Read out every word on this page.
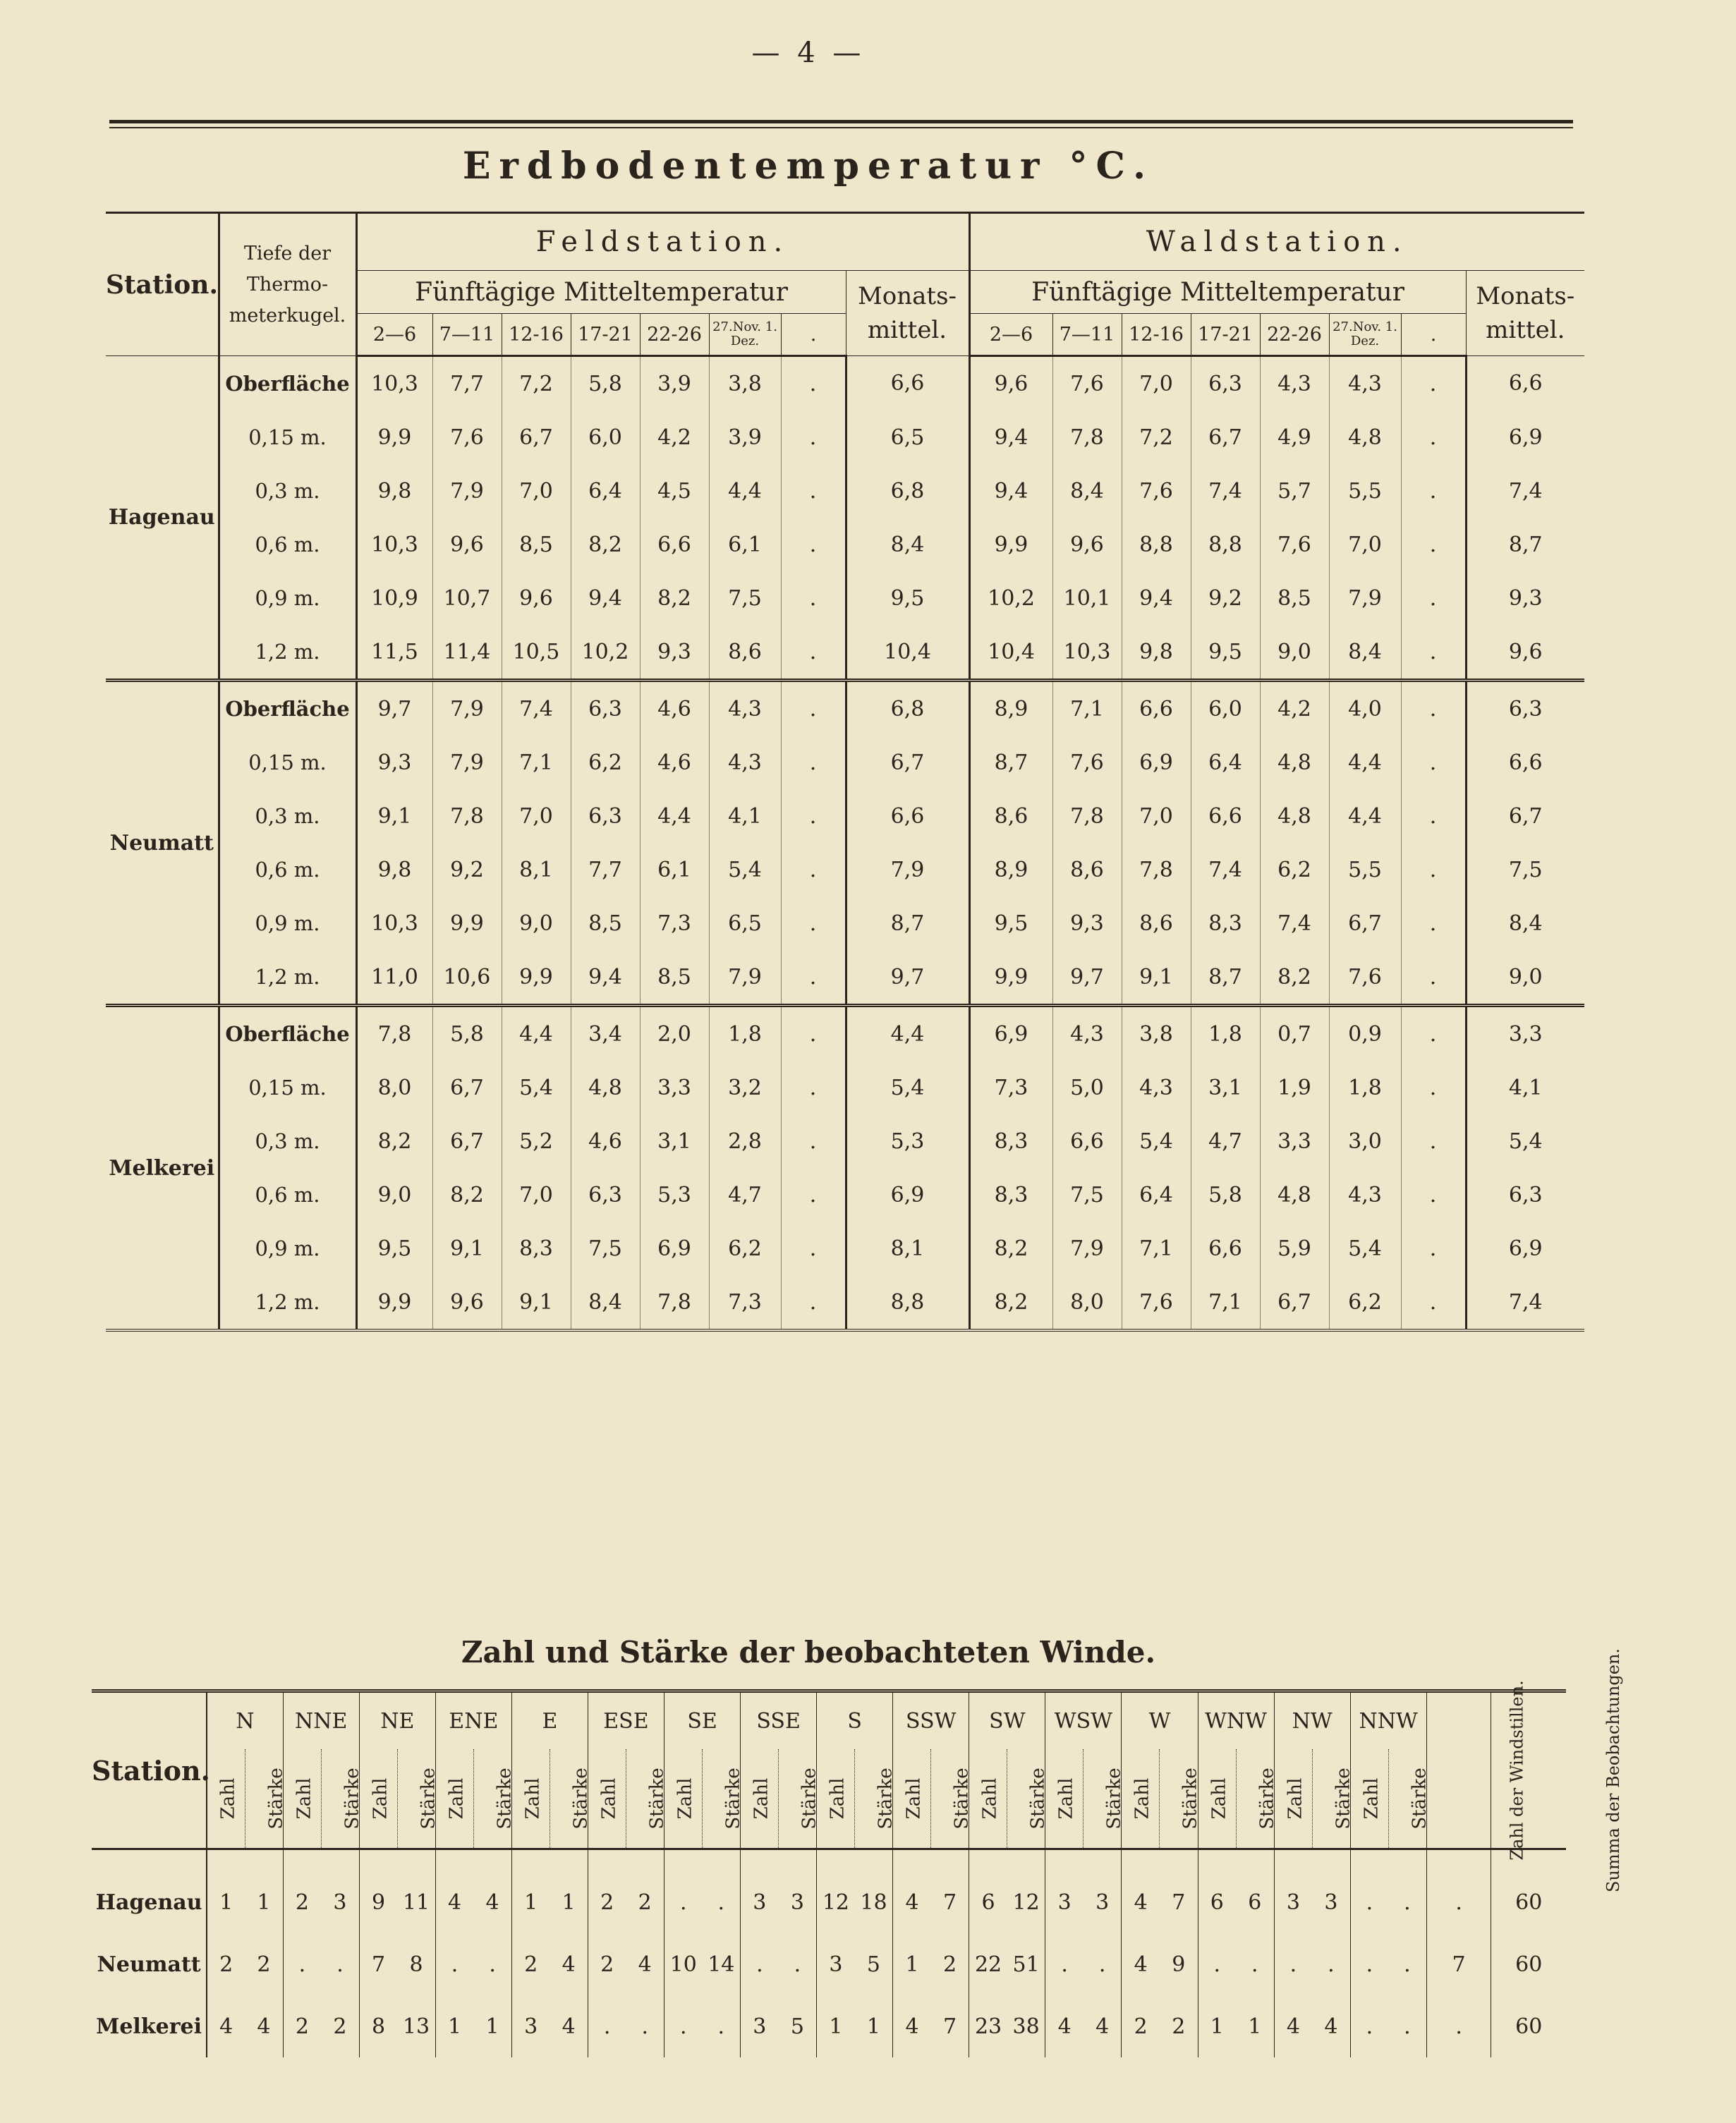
— 4 —
Erdbodentemperatur °C.
Station.	Tiefe der Thermo- meterkugel.	Feldstation.								Waldstation.							
		Fünftägige Mitteltemperatur							Monats- mittel.	Fünftägige Mitteltemperatur							Monats- mittel.
		2—6	7—11	12-16	17-21	22-26	27.Nov. 1. Dez.	.		2—6	7—11	12-16	17-21	22-26	27.Nov. 1. Dez.	.	
Hagenau	Oberfläche	10,3	7,7	7,2	5,8	3,9	3,8	.	6,6	9,6	7,6	7,0	6,3	4,3	4,3	.	6,6
	0,15 m.	9,9	7,6	6,7	6,0	4,2	3,9	.	6,5	9,4	7,8	7,2	6,7	4,9	4,8	.	6,9
	0,3 m.	9,8	7,9	7,0	6,4	4,5	4,4	.	6,8	9,4	8,4	7,6	7,4	5,7	5,5	.	7,4
	0,6 m.	10,3	9,6	8,5	8,2	6,6	6,1	.	8,4	9,9	9,6	8,8	8,8	7,6	7,0	.	8,7
	0,9 m.	10,9	10,7	9,6	9,4	8,2	7,5	.	9,5	10,2	10,1	9,4	9,2	8,5	7,9	.	9,3
	1,2 m.	11,5	11,4	10,5	10,2	9,3	8,6	.	10,4	10,4	10,3	9,8	9,5	9,0	8,4	.	9,6
Neumatt	Oberfläche	9,7	7,9	7,4	6,3	4,6	4,3	.	6,8	8,9	7,1	6,6	6,0	4,2	4,0	.	6,3
	0,15 m.	9,3	7,9	7,1	6,2	4,6	4,3	.	6,7	8,7	7,6	6,9	6,4	4,8	4,4	.	6,6
	0,3 m.	9,1	7,8	7,0	6,3	4,4	4,1	.	6,6	8,6	7,8	7,0	6,6	4,8	4,4	.	6,7
	0,6 m.	9,8	9,2	8,1	7,7	6,1	5,4	.	7,9	8,9	8,6	7,8	7,4	6,2	5,5	.	7,5
	0,9 m.	10,3	9,9	9,0	8,5	7,3	6,5	.	8,7	9,5	9,3	8,6	8,3	7,4	6,7	.	8,4
	1,2 m.	11,0	10,6	9,9	9,4	8,5	7,9	.	9,7	9,9	9,7	9,1	8,7	8,2	7,6	.	9,0
Melkerei	Oberfläche	7,8	5,8	4,4	3,4	2,0	1,8	.	4,4	6,9	4,3	3,8	1,8	0,7	0,9	.	3,3
	0,15 m.	8,0	6,7	5,4	4,8	3,3	3,2	.	5,4	7,3	5,0	4,3	3,1	1,9	1,8	.	4,1
	0,3 m.	8,2	6,7	5,2	4,6	3,1	2,8	.	5,3	8,3	6,6	5,4	4,7	3,3	3,0	.	5,4
	0,6 m.	9,0	8,2	7,0	6,3	5,3	4,7	.	6,9	8,3	7,5	6,4	5,8	4,8	4,3	.	6,3
	0,9 m.	9,5	9,1	8,3	7,5	6,9	6,2	.	8,1	8,2	7,9	7,1	6,6	5,9	5,4	.	6,9
	1,2 m.	9,9	9,6	9,1	8,4	7,8	7,3	.	8,8	8,2	8,0	7,6	7,1	6,7	6,2	.	7,4
Zahl und Stärke der beobachteten Winde.
Station.	N		NNE		NE		ENE		E		ESE		SE		SSE		S		SSW		SW		WSW		W		WNW		NW		NNW		Zahl der Windstillen.	Summa der Beobachtungen.
	Zahl	Stärke	Zahl	Stärke	Zahl	Stärke	Zahl	Stärke	Zahl	Stärke	Zahl	Stärke	Zahl	Stärke	Zahl	Stärke	Zahl	Stärke	Zahl	Stärke	Zahl	Stärke	Zahl	Stärke	Zahl	Stärke	Zahl	Stärke	Zahl	Stärke	Zahl	Stärke		
Hagenau	1	1	2	3	9	11	4	4	1	1	2	2	.	.	3	3	12	18	4	7	6	12	3	3	4	7	6	6	3	3	.	.	.	60
Neumatt	2	2	.	.	7	8	.	.	2	4	2	4	10	14	.	.	3	5	1	2	22	51	.	.	4	9	.	.	.	.	.	.	7	60
Melkerei	4	4	2	2	8	13	1	1	3	4	.	.	.	.	3	5	1	1	4	7	23	38	4	4	2	2	1	1	4	4	.	.	.	60
